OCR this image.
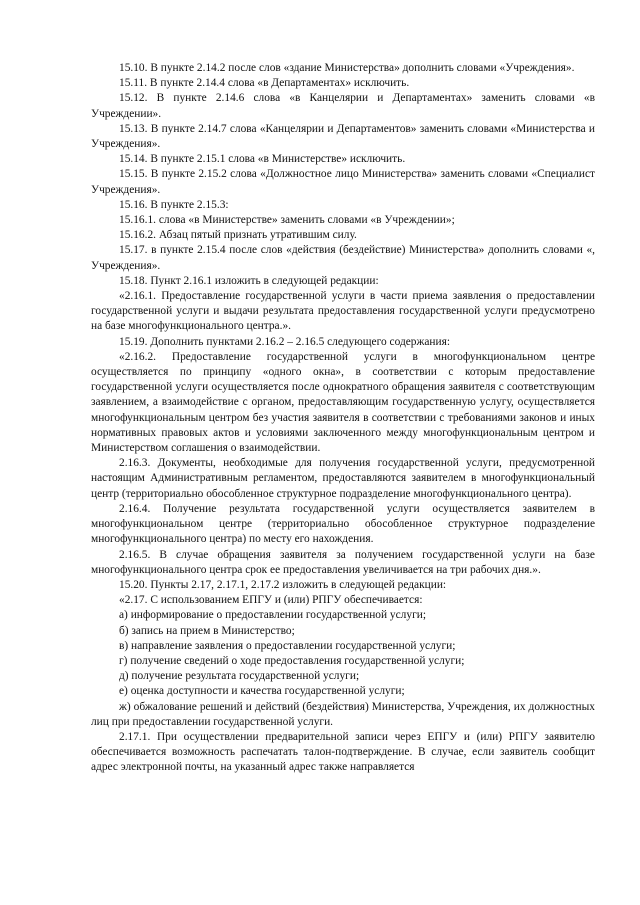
15.10. В пункте 2.14.2 после слов «здание Министерства» дополнить словами «Учреждения».

15.11. В пункте 2.14.4 слова «в Департаментах» исключить.

15.12. В пункте 2.14.6 слова «в Канцелярии и Департаментах» заменить словами «в Учреждении».

15.13. В пункте 2.14.7 слова «Канцелярии и Департаментов» заменить словами «Министерства и Учреждения».

15.14. В пункте 2.15.1 слова «в Министерстве» исключить.

15.15. В пункте 2.15.2 слова «Должностное лицо Министерства» заменить словами «Специалист Учреждения».

15.16. В пункте 2.15.3:

15.16.1. слова «в Министерстве» заменить словами «в Учреждении»;

15.16.2. Абзац пятый признать утратившим силу.

15.17. в пункте 2.15.4 после слов «действия (бездействие) Министерства» дополнить словами «, Учреждения».

15.18. Пункт 2.16.1 изложить в следующей редакции:

«2.16.1. Предоставление государственной услуги в части приема заявления о предоставлении государственной услуги и выдачи результата предоставления государственной услуги предусмотрено на базе многофункционального центра.».

15.19. Дополнить пунктами 2.16.2 – 2.16.5 следующего содержания:

«2.16.2. Предоставление государственной услуги в многофункциональном центре осуществляется по принципу «одного окна», в соответствии с которым предоставление государственной услуги осуществляется после однократного обращения заявителя с соответствующим заявлением, а взаимодействие с органом, предоставляющим государственную услугу, осуществляется многофункциональным центром без участия заявителя в соответствии с требованиями законов и иных нормативных правовых актов и условиями заключенного между многофункциональным центром и Министерством соглашения о взаимодействии.

2.16.3. Документы, необходимые для получения государственной услуги, предусмотренной настоящим Административным регламентом, предоставляются заявителем в многофункциональный центр (территориально обособленное структурное подразделение многофункционального центра).

2.16.4. Получение результата государственной услуги осуществляется заявителем в многофункциональном центре (территориально обособленное структурное подразделение многофункционального центра) по месту его нахождения.

2.16.5. В случае обращения заявителя за получением государственной услуги на базе многофункционального центра срок ее предоставления увеличивается на три рабочих дня.».

15.20. Пункты 2.17, 2.17.1, 2.17.2 изложить в следующей редакции:

«2.17. С использованием ЕПГУ и (или) РПГУ обеспечивается:

а) информирование о предоставлении государственной услуги;

б) запись на прием в Министерство;

в) направление заявления о предоставлении государственной услуги;

г) получение сведений о ходе предоставления государственной услуги;

д) получение результата государственной услуги;

е) оценка доступности и качества государственной услуги;

ж) обжалование решений и действий (бездействия) Министерства, Учреждения, их должностных лиц при предоставлении государственной услуги.

2.17.1. При осуществлении предварительной записи через ЕПГУ и (или) РПГУ заявителю обеспечивается возможность распечатать талон-подтверждение. В случае, если заявитель сообщит адрес электронной почты, на указанный адрес также направляется
